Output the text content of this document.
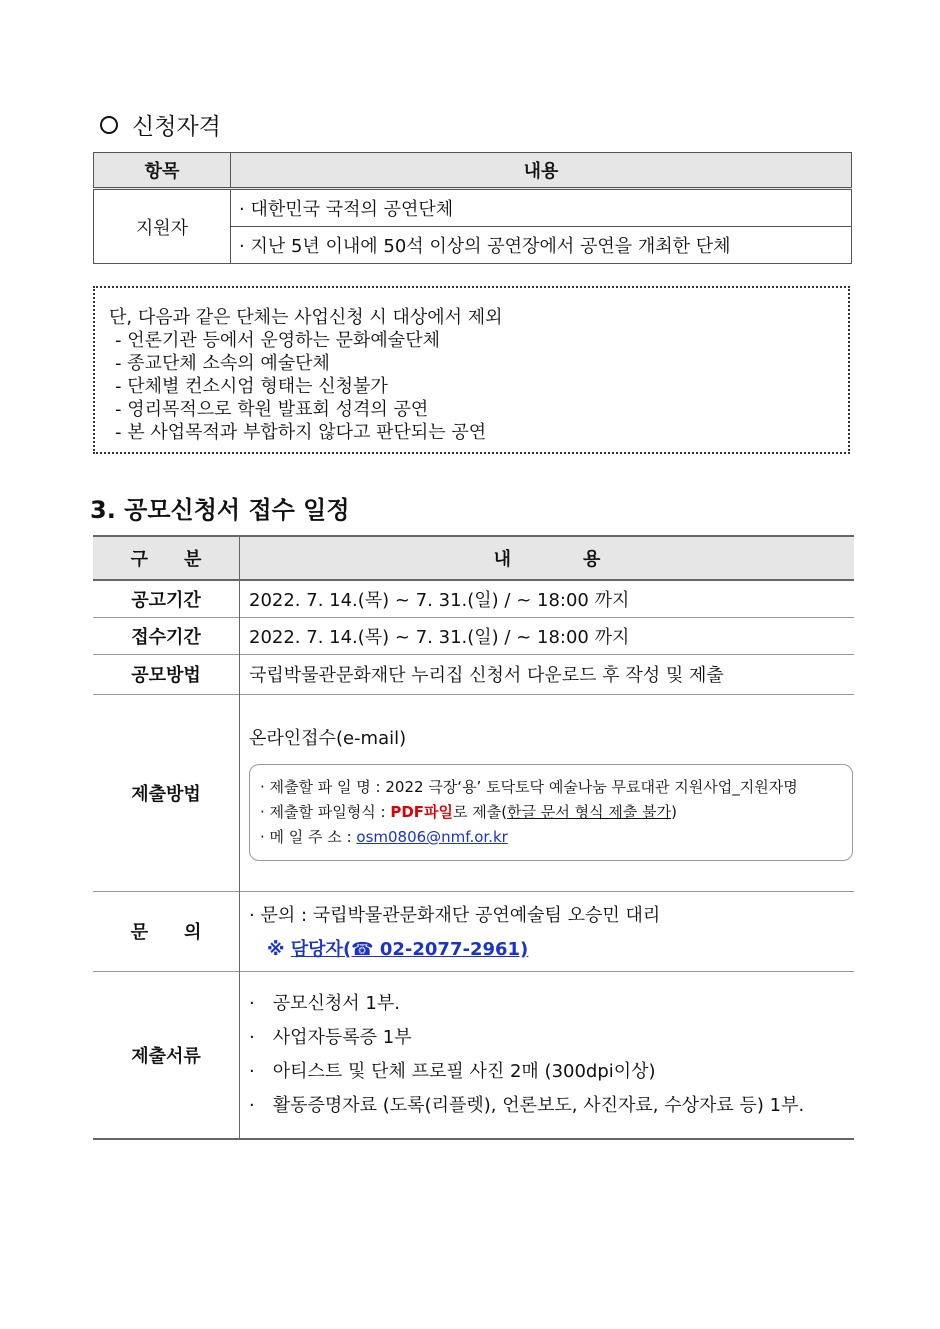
신청자격
항목	내용
지원자	· 대한민국 국적의 공연단체
	· 지난 5년 이내에 50석 이상의 공연장에서 공연을 개최한 단체
단, 다음과 같은 단체는 사업신청 시 대상에서 제외
- 언론기관 등에서 운영하는 문화예술단체
- 종교단체 소속의 예술단체
- 단체별 컨소시엄 형태는 신청불가
- 영리목적으로 학원 발표회 성격의 공연
- 본 사업목적과 부합하지 않다고 판단되는 공연
3. 공모신청서 접수 일정
구　　분	내　　　　용
공고기간	2022. 7. 14.(목) ~ 7. 31.(일) / ~ 18:00 까지
접수기간	2022. 7. 14.(목) ~ 7. 31.(일) / ~ 18:00 까지
공모방법	국립박물관문화재단 누리집 신청서 다운로드 후 작성 및 제출
제출방법	온라인접수(e-mail)
· 제출할 파 일 명 : 2022 극장‘용’ 토닥토닥 예술나눔 무료대관 지원사업_지원자명
· 제출할 파일형식 : PDF파일로 제출(한글 문서 형식 제출 불가)
· 메 일 주 소 : osm0806@nmf.or.kr

문　　의	· 문의 : 국립박물관문화재단 공연예술팀 오승민 대리
※ 담당자(☎ 02-2077-2961)

제출서류	·　공모신청서 1부.
·　사업자등록증 1부
·　아티스트 및 단체 프로필 사진 2매 (300dpi이상)
·　활동증명자료 (도록(리플렛), 언론보도, 사진자료, 수상자료 등) 1부.
